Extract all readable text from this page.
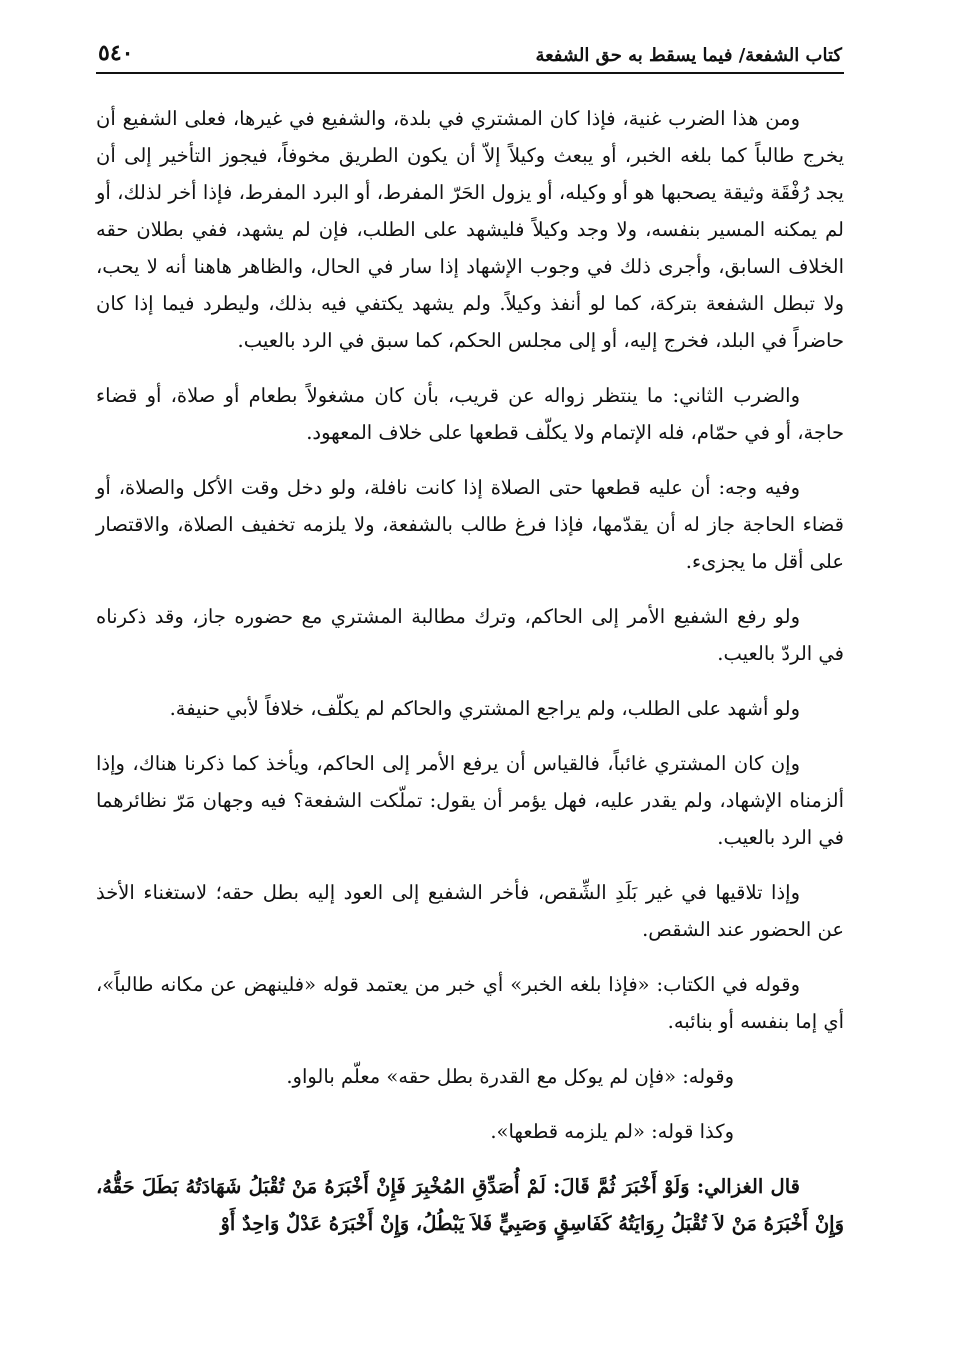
كتاب الشفعة/ فيما يسقط به حق الشفعة
٥٤٠

ومن هذا الضرب غنية، فإذا كان المشتري في بلدة، والشفيع في غيرها، فعلى الشفيع أن يخرج طالباً كما بلغه الخبر، أو يبعث وكيلاً إلاّ أن يكون الطريق مخوفاً، فيجوز التأخير إلى أن يجد رُفْقَة وثيقة يصحبها هو أو وكيله، أو يزول الحَرّ المفرط، أو البرد المفرط، فإذا أخر لذلك، أو لم يمكنه المسير بنفسه، ولا وجد وكيلاً فليشهد على الطلب، فإن لم يشهد، ففي بطلان حقه الخلاف السابق، وأجرى ذلك في وجوب الإشهاد إذا سار في الحال، والظاهر هاهنا أنه لا يحب، ولا تبطل الشفعة بتركة، كما لو أنفذ وكيلاً. ولم يشهد يكتفي فيه بذلك، وليطرد فيما إذا كان حاضراً في البلد، فخرج إليه، أو إلى مجلس الحكم، كما سبق في الرد بالعيب.

والضرب الثاني: ما ينتظر زواله عن قريب، بأن كان مشغولاً بطعام أو صلاة، أو قضاء حاجة، أو في حمّام، فله الإتمام ولا يكلّف قطعها على خلاف المعهود.

وفيه وجه: أن عليه قطعها حتى الصلاة إذا كانت نافلة، ولو دخل وقت الأكل والصلاة، أو قضاء الحاجة جاز له أن يقدّمها، فإذا فرغ طالب بالشفعة، ولا يلزمه تخفيف الصلاة، والاقتصار على أقل ما يجزىء.

ولو رفع الشفيع الأمر إلى الحاكم، وترك مطالبة المشتري مع حضوره جاز، وقد ذكرناه في الردّ بالعيب.

ولو أشهد على الطلب، ولم يراجع المشتري والحاكم لم يكلّف، خلافاً لأبي حنيفة.

وإن كان المشتري غائباً، فالقياس أن يرفع الأمر إلى الحاكم، ويأخذ كما ذكرنا هناك، وإذا ألزمناه الإشهاد، ولم يقدر عليه، فهل يؤمر أن يقول: تملّكت الشفعة؟ فيه وجهان مَرّ نظائرهما في الرد بالعيب.

وإذا تلاقيها في غير بَلَدِ الشِّقص، فأخر الشفيع إلى العود إليه بطل حقه؛ لاستغناء الأخذ عن الحضور عند الشقص.

وقوله في الكتاب: «فإذا بلغه الخبر» أي خبر من يعتمد قوله «فلينهض عن مكانه طالباً»، أي إما بنفسه أو بنائبه.

وقوله: «فإن لم يوكل مع القدرة بطل حقه» معلّم بالواو.

وكذا قوله: «لم يلزمه قطعها».

قال الغزالي: وَلَوْ أَخْبَرَ ثُمَّ قَالَ: لَمْ أُصَدِّقِ المُخْبِرَ فَإِنْ أَخْبَرَهُ مَنْ تُقْبَلُ شَهَادَتُهُ بَطَلَ حَقُّهُ، وَإِنْ أَخْبَرَهُ مَنْ لاَ تُقْبَلُ رِوَايَتُهُ كَفَاسِقٍ وَصَبِيٍّ فَلاَ يَبْطُلُ، وَإِنْ أَخْبَرَهُ عَدْلٌ وَاحِدٌ أَوْ
